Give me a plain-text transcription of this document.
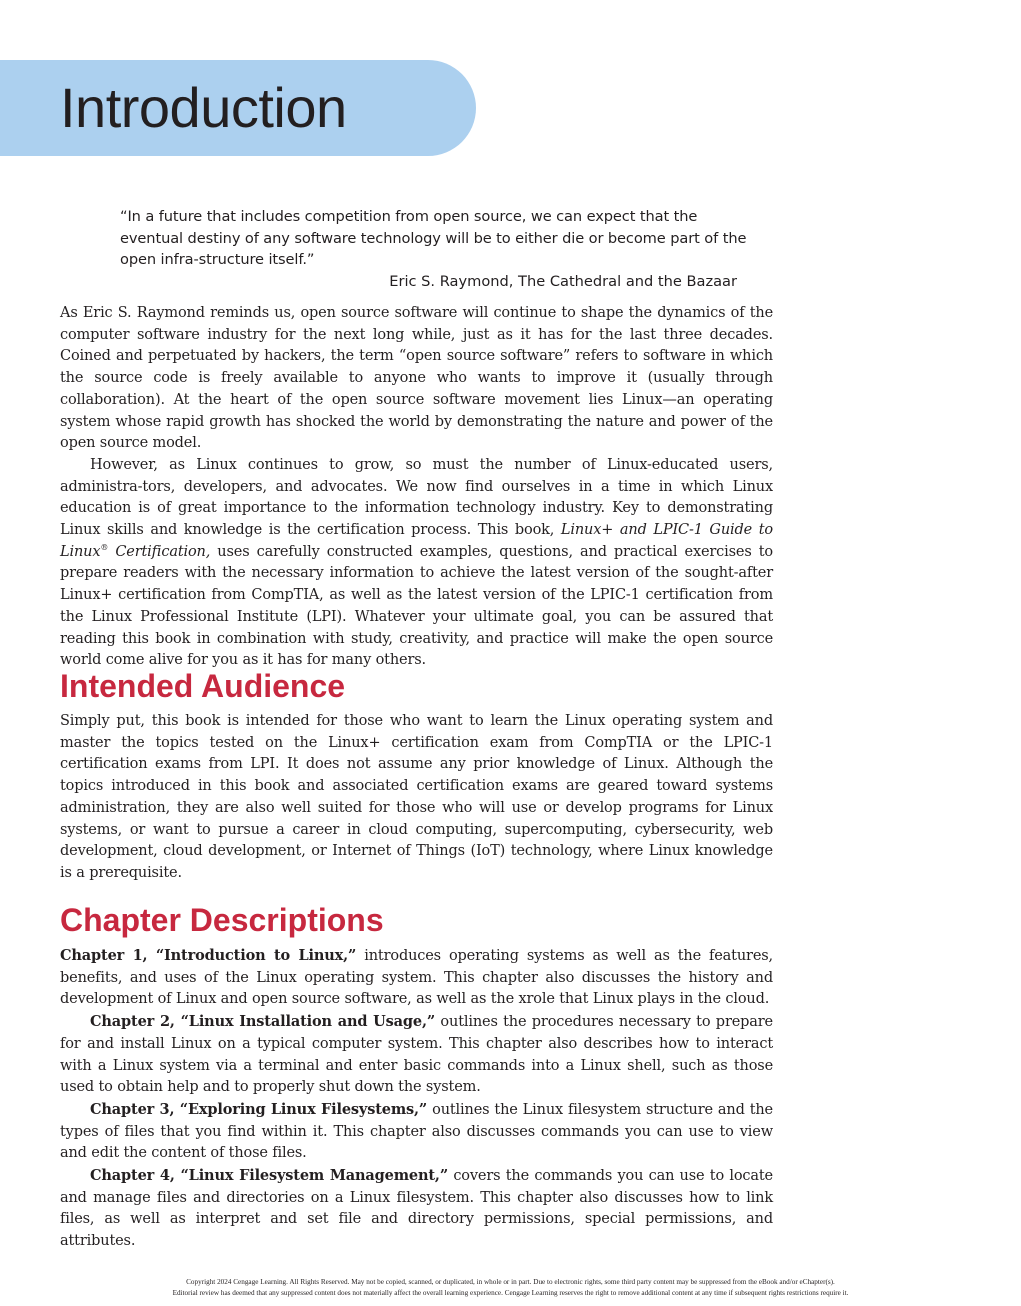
Introduction
“In a future that includes competition from open source, we can expect that the eventual destiny of any software technology will be to either die or become part of the open infra-structure itself.”
Eric S. Raymond, The Cathedral and the Bazaar

As Eric S. Raymond reminds us, open source software will continue to shape the dynamics of the computer software industry for the next long while, just as it has for the last three decades. Coined and perpetuated by hackers, the term “open source software” refers to software in which the source code is freely available to anyone who wants to improve it (usually through collaboration). At the heart of the open source software movement lies Linux—an operating system whose rapid growth has shocked the world by demonstrating the nature and power of the open source model.

However, as Linux continues to grow, so must the number of Linux-educated users, administra-tors, developers, and advocates. We now find ourselves in a time in which Linux education is of great importance to the information technology industry. Key to demonstrating Linux skills and knowledge is the certification process. This book, Linux+ and LPIC-1 Guide to Linux® Certification, uses carefully constructed examples, questions, and practical exercises to prepare readers with the necessary information to achieve the latest version of the sought-after Linux+ certification from CompTIA, as well as the latest version of the LPIC-1 certification from the Linux Professional Institute (LPI). Whatever your ultimate goal, you can be assured that reading this book in combination with study, creativity, and practice will make the open source world come alive for you as it has for many others.

Intended Audience

Simply put, this book is intended for those who want to learn the Linux operating system and master the topics tested on the Linux+ certification exam from CompTIA or the LPIC-1 certification exams from LPI. It does not assume any prior knowledge of Linux. Although the topics introduced in this book and associated certification exams are geared toward systems administration, they are also well suited for those who will use or develop programs for Linux systems, or want to pursue a career in cloud computing, supercomputing, cybersecurity, web development, cloud development, or Internet of Things (IoT) technology, where Linux knowledge is a prerequisite.

Chapter Descriptions

Chapter 1, “Introduction to Linux,” introduces operating systems as well as the features, benefits, and uses of the Linux operating system. This chapter also discusses the history and development of Linux and open source software, as well as the xrole that Linux plays in the cloud.

Chapter 2, “Linux Installation and Usage,” outlines the procedures necessary to prepare for and install Linux on a typical computer system. This chapter also describes how to interact with a Linux system via a terminal and enter basic commands into a Linux shell, such as those used to obtain help and to properly shut down the system.

Chapter 3, “Exploring Linux Filesystems,” outlines the Linux filesystem structure and the types of files that you find within it. This chapter also discusses commands you can use to view and edit the content of those files.

Chapter 4, “Linux Filesystem Management,” covers the commands you can use to locate and manage files and directories on a Linux filesystem. This chapter also discusses how to link files, as well as interpret and set file and directory permissions, special permissions, and attributes.

Copyright 2024 Cengage Learning. All Rights Reserved. May not be copied, scanned, or duplicated, in whole or in part. Due to electronic rights, some third party content may be suppressed from the eBook and/or eChapter(s).

Editorial review has deemed that any suppressed content does not materially affect the overall learning experience. Cengage Learning reserves the right to remove additional content at any time if subsequent rights restrictions require it.
